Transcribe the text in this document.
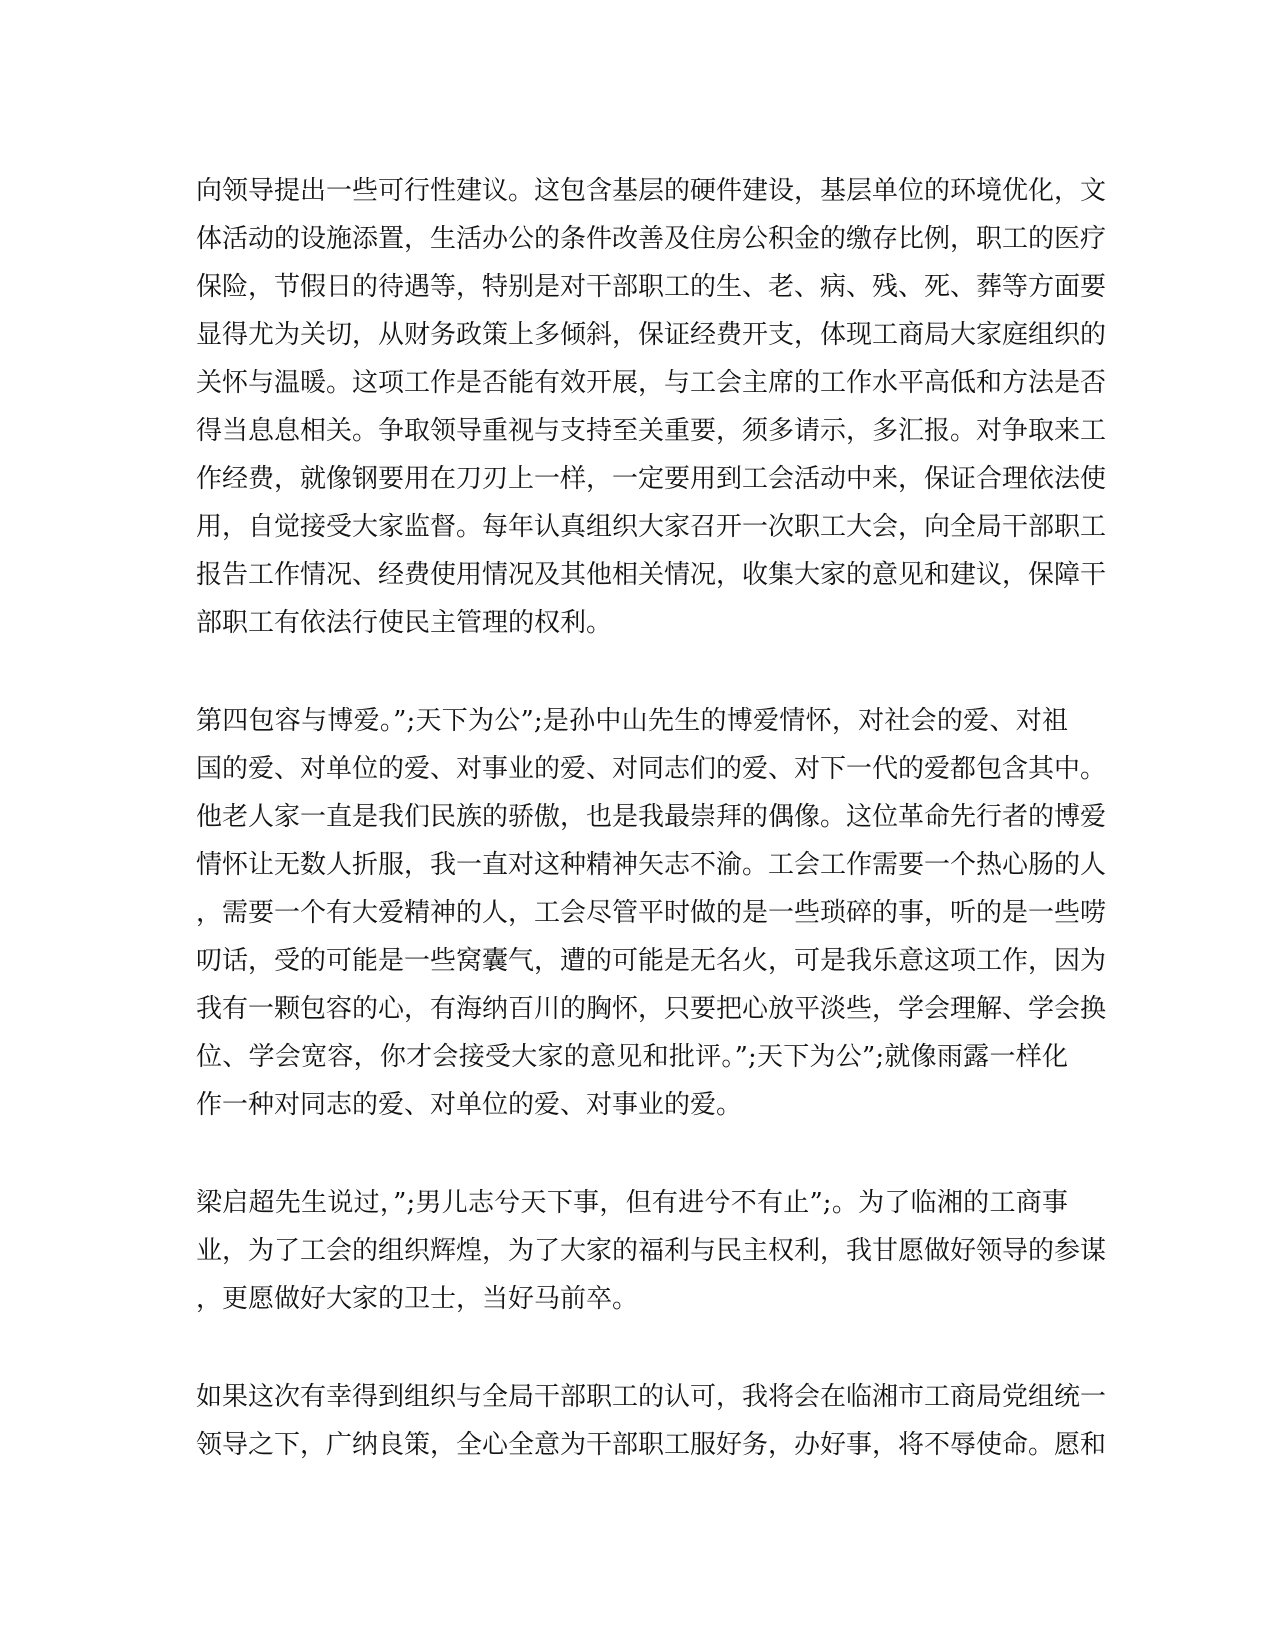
向领导提出一些可行性建议。这包含基层的硬件建设，基层单位的环境优化，文
体活动的设施添置，生活办公的条件改善及住房公积金的缴存比例，职工的医疗
保险，节假日的待遇等，特别是对干部职工的生、老、病、残、死、葬等方面要
显得尤为关切，从财务政策上多倾斜，保证经费开支，体现工商局大家庭组织的
关怀与温暖。这项工作是否能有效开展，与工会主席的工作水平高低和方法是否
得当息息相关。争取领导重视与支持至关重要，须多请示，多汇报。对争取来工
作经费，就像钢要用在刀刃上一样，一定要用到工会活动中来，保证合理依法使
用，自觉接受大家监督。每年认真组织大家召开一次职工大会，向全局干部职工
报告工作情况、经费使用情况及其他相关情况，收集大家的意见和建议，保障干
部职工有依法行使民主管理的权利。
第四包容与博爱。”;天下为公”;是孙中山先生的博爱情怀，对社会的爱、对祖
国的爱、对单位的爱、对事业的爱、对同志们的爱、对下一代的爱都包含其中。
他老人家一直是我们民族的骄傲，也是我最崇拜的偶像。这位革命先行者的博爱
情怀让无数人折服，我一直对这种精神矢志不渝。工会工作需要一个热心肠的人
，需要一个有大爱精神的人，工会尽管平时做的是一些琐碎的事，听的是一些唠
叨话，受的可能是一些窝囊气，遭的可能是无名火，可是我乐意这项工作，因为
我有一颗包容的心，有海纳百川的胸怀，只要把心放平淡些，学会理解、学会换
位、学会宽容，你才会接受大家的意见和批评。”;天下为公”;就像雨露一样化
作一种对同志的爱、对单位的爱、对事业的爱。
梁启超先生说过，”;男儿志兮天下事，但有进兮不有止”;。为了临湘的工商事
业，为了工会的组织辉煌，为了大家的福利与民主权利，我甘愿做好领导的参谋
，更愿做好大家的卫士，当好马前卒。
如果这次有幸得到组织与全局干部职工的认可，我将会在临湘市工商局党组统一
领导之下，广纳良策，全心全意为干部职工服好务，办好事，将不辱使命。愿和
